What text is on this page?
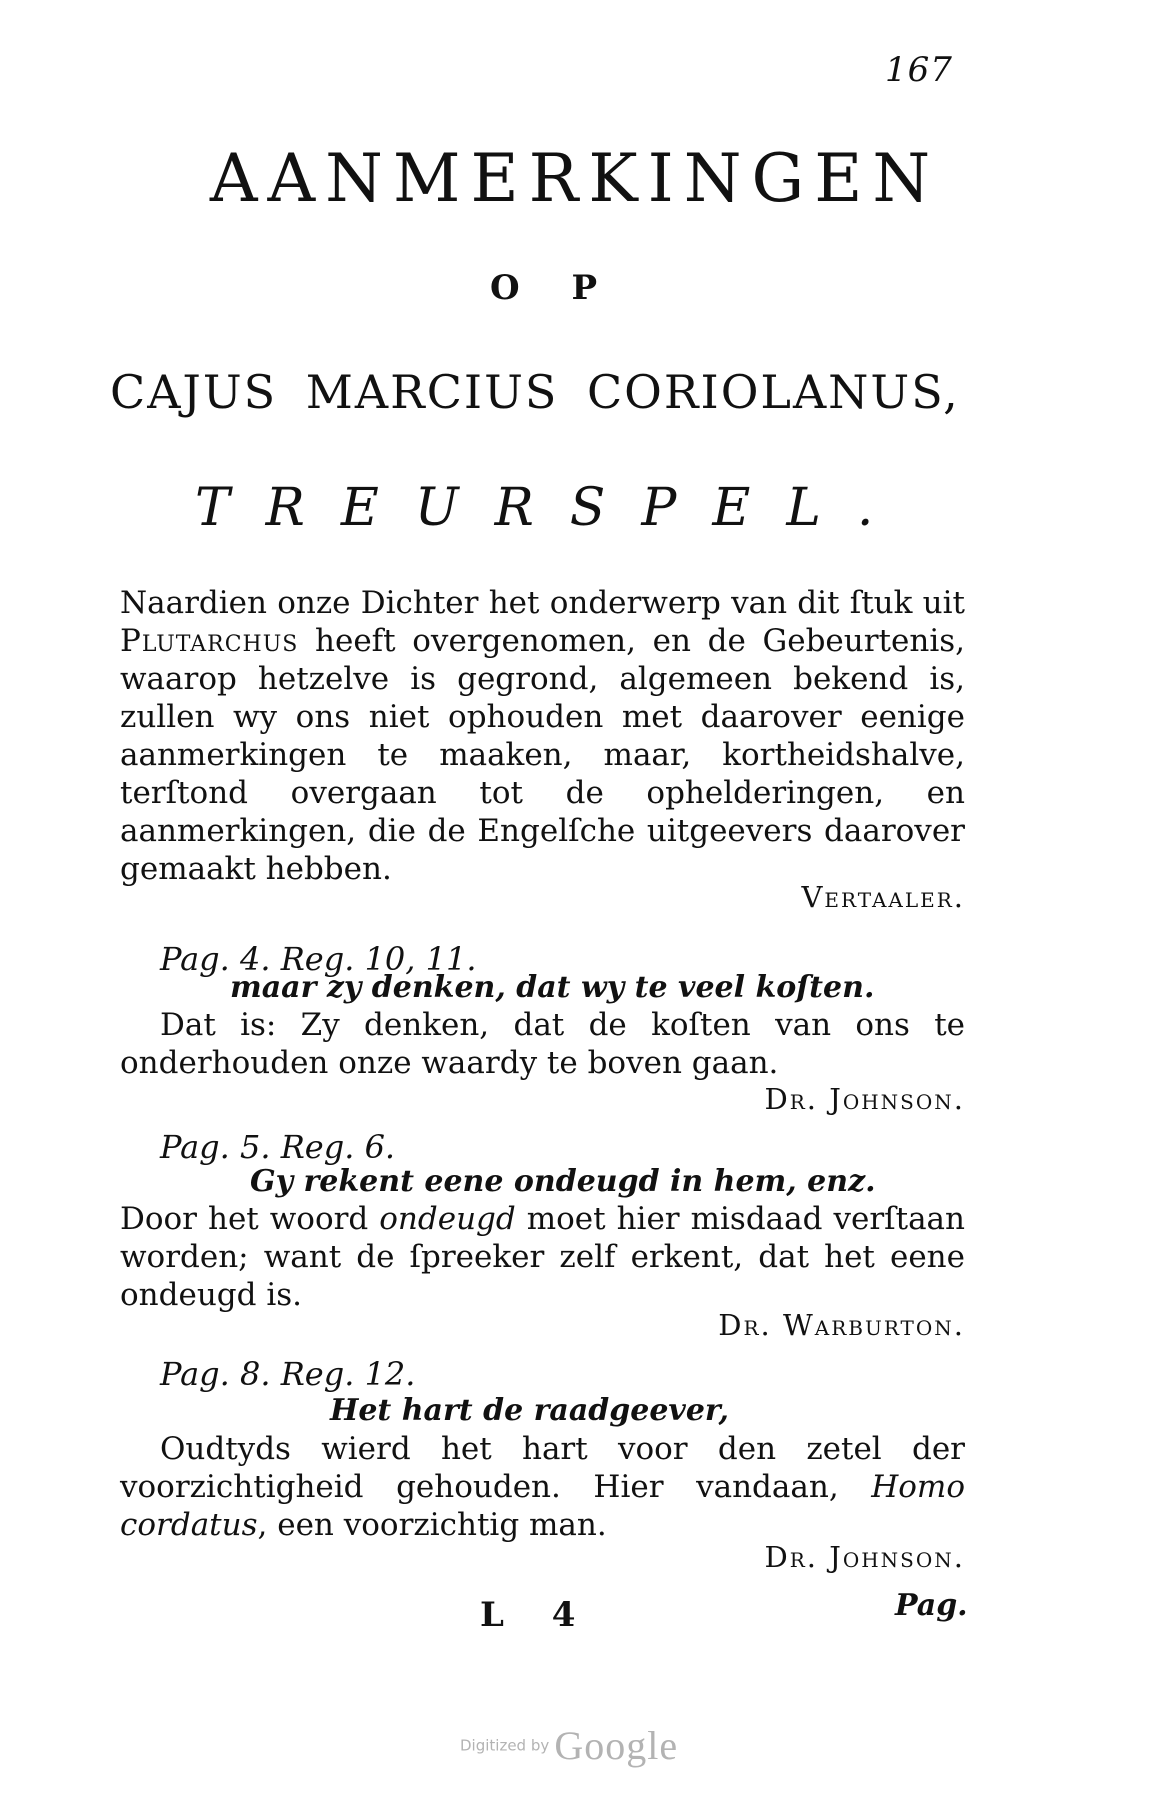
167
AANMERKINGEN
O P
CAJUS MARCIUS CORIOLANUS,
TREURSPEL.

Naardien onze Dichter het onderwerp van dit ſtuk uit Plutarchus heeft overgenomen, en de Gebeurtenis, waarop hetzelve is gegrond, algemeen bekend is, zullen wy ons niet ophouden met daarover eenige aanmerkingen te maaken, maar, kortheidshalve, terſtond overgaan tot de ophelderingen, en aanmerkingen, die de Engelſche uitgeevers daarover gemaakt hebben.

Vertaaler.
Pag. 4. Reg. 10, 11.
maar zy denken, dat wy te veel koſten.

Dat is: Zy denken, dat de koſten van ons te onderhouden onze waardy te boven gaan.

Dr. Johnson.
Pag. 5. Reg. 6.
Gy rekent eene ondeugd in hem, enz.

Door het woord ondeugd moet hier misdaad verſtaan worden; want de ſpreeker zelf erkent, dat het eene ondeugd is.

Dr. Warburton.
Pag. 8. Reg. 12.
Het hart de raadgeever,

Oudtyds wierd het hart voor den zetel der voorzichtigheid gehouden. Hier vandaan, Homo cordatus, een voorzichtig man.

Dr. Johnson.
L 4	Pag.
Digitized by Google
